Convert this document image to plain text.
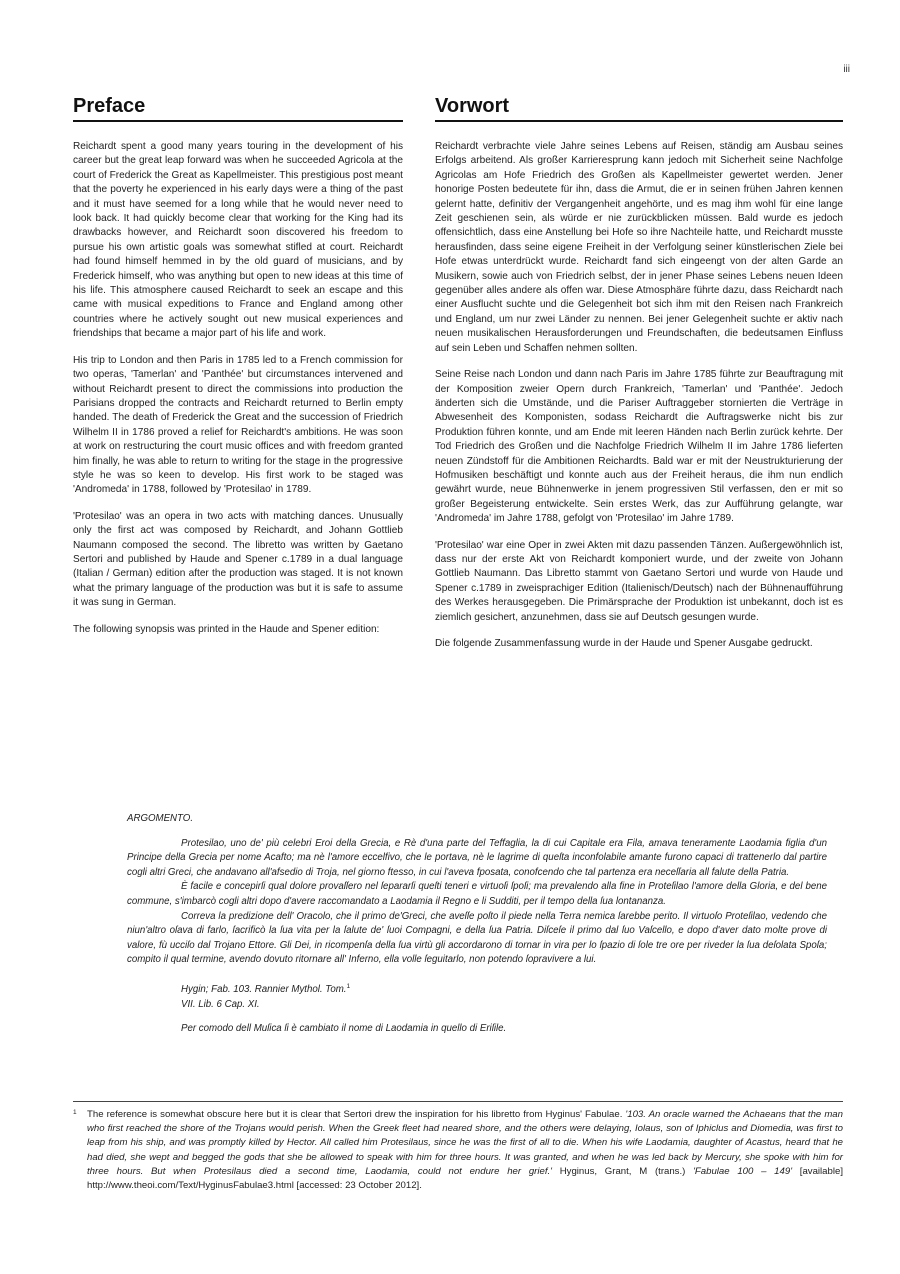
iii
Preface

Reichardt spent a good many years touring in the development of his career but the great leap forward was when he succeeded Agricola at the court of Frederick the Great as Kapellmeister. This prestigious post meant that the poverty he experienced in his early days were a thing of the past and it must have seemed for a long while that he would never need to look back. It had quickly become clear that working for the King had its drawbacks however, and Reichardt soon discovered his freedom to pursue his own artistic goals was somewhat stifled at court. Reichardt had found himself hemmed in by the old guard of musicians, and by Frederick himself, who was anything but open to new ideas at this time of his life. This atmosphere caused Reichardt to seek an escape and this came with musical expeditions to France and England among other countries where he actively sought out new musical experiences and friendships that became a major part of his life and work.

His trip to London and then Paris in 1785 led to a French commission for two operas, 'Tamerlan' and 'Panthée' but circumstances intervened and without Reichardt present to direct the commissions into production the Parisians dropped the contracts and Reichardt returned to Berlin empty handed. The death of Frederick the Great and the succession of Friedrich Wilhelm II in 1786 proved a relief for Reichardt's ambitions. He was soon at work on restructuring the court music offices and with freedom granted him finally, he was able to return to writing for the stage in the progressive style he was so keen to develop. His first work to be staged was 'Andromeda' in 1788, followed by 'Protesilao' in 1789.

'Protesilao' was an opera in two acts with matching dances. Unusually only the first act was composed by Reichardt, and Johann Gottlieb Naumann composed the second. The libretto was written by Gaetano Sertori and published by Haude and Spener c.1789 in a dual language (Italian / German) edition after the production was staged. It is not known what the primary language of the production was but it is safe to assume it was sung in German.

The following synopsis was printed in the Haude and Spener edition:

Vorwort

Reichardt verbrachte viele Jahre seines Lebens auf Reisen, ständig am Ausbau seines Erfolgs arbeitend. Als großer Karrieresprung kann jedoch mit Sicherheit seine Nachfolge Agricolas am Hofe Friedrich des Großen als Kapellmeister gewertet werden. Jener honorige Posten bedeutete für ihn, dass die Armut, die er in seinen frühen Jahren kennen gelernt hatte, definitiv der Vergangenheit angehörte, und es mag ihm wohl für eine lange Zeit geschienen sein, als würde er nie zurückblicken müssen. Bald wurde es jedoch offensichtlich, dass eine Anstellung bei Hofe so ihre Nachteile hatte, und Reichardt musste herausfinden, dass seine eigene Freiheit in der Verfolgung seiner künstlerischen Ziele bei Hofe etwas unterdrückt wurde. Reichardt fand sich eingeengt von der alten Garde an Musikern, sowie auch von Friedrich selbst, der in jener Phase seines Lebens neuen Ideen gegenüber alles andere als offen war. Diese Atmosphäre führte dazu, dass Reichardt nach einer Ausflucht suchte und die Gelegenheit bot sich ihm mit den Reisen nach Frankreich und England, um nur zwei Länder zu nennen. Bei jener Gelegenheit suchte er aktiv nach neuen musikalischen Herausforderungen und Freundschaften, die bedeutsamen Einfluss auf sein Leben und Schaffen nehmen sollten.

Seine Reise nach London und dann nach Paris im Jahre 1785 führte zur Beauftragung mit der Komposition zweier Opern durch Frankreich, 'Tamerlan' und 'Panthée'. Jedoch änderten sich die Umstände, und die Pariser Auftraggeber stornierten die Verträge in Abwesenheit des Komponisten, sodass Reichardt die Auftragswerke nicht bis zur Produktion führen konnte, und am Ende mit leeren Händen nach Berlin zurück kehrte. Der Tod Friedrich des Großen und die Nachfolge Friedrich Wilhelm II im Jahre 1786 lieferten neuen Zündstoff für die Ambitionen Reichardts. Bald war er mit der Neustrukturierung der Hofmusiken beschäftigt und konnte auch aus der Freiheit heraus, die ihm nun endlich gewährt wurde, neue Bühnenwerke in jenem progressiven Stil verfassen, den er mit so großer Begeisterung entwickelte. Sein erstes Werk, das zur Aufführung gelangte, war 'Andromeda' im Jahre 1788, gefolgt von 'Protesilao' im Jahre 1789.

'Protesilao' war eine Oper in zwei Akten mit dazu passenden Tänzen. Außergewöhnlich ist, dass nur der erste Akt von Reichardt komponiert wurde, und der zweite von Johann Gottlieb Naumann. Das Libretto stammt von Gaetano Sertori und wurde von Haude und Spener c.1789 in zweisprachiger Edition (Italienisch/Deutsch) nach der Bühnenaufführung des Werkes herausgegeben. Die Primärsprache der Produktion ist unbekannt, doch ist es ziemlich gesichert, anzunehmen, dass sie auf Deutsch gesungen wurde.

Die folgende Zusammenfassung wurde in der Haude und Spener Ausgabe gedruckt.

ARGOMENTO.

Protesilao, uno de' più celebri Eroi della Grecia, e Rè d'una parte del Teffaglia, la di cui Capitale era Fila, amava teneramente Laodamia figlia d'un Principe della Grecia per nome Acafto; ma nè l'amore eccelfivo, che le portava, nè le lagrime di queſta inconfolabile amante furono capaci di trattenerlo dal partire cogli altri Greci, che andavano all'afsedio di Troja, nel giorno ftesso, in cui l'aveva fposata, conofcendo che tal partenza era neceſſaria all falute della Patria.

È facile e concepirſi qual dolore provaſſero nel ſepararſi queſti teneri e virtuoſi ſpoſi; ma prevalendo alla fine in Proteſilao l'amore della Gloria, e del bene commune, s'imbarcò cogli altri dopo d'avere raccomandato a Laodamia il Regno e li Sudditi, per il tempo della ſua lontananza.

Correva la predizione dell' Oracolo, che il primo de'Greci, che aveſſe poſto il piede nella Terra nemica ſarebbe perito. Il virtuoſo Proteſilao, vedendo che niun'altro oſava di farlo, ſacrificò la ſua vita per la ſalute de' ſuoi Compagni, e della ſua Patria. Diſceſe il primo dal ſuo Vaſcello, e dopo d'aver dato molte prove di valore, fù ucciſo dal Trojano Ettore. Gli Dei, in ricompenſa della ſua virtù gli accordarono di tornar in vira per lo ſpazio di ſole tre ore per riveder la ſua deſolata Spoſa; compito il qual termine, avendo dovuto ritornare all' Inferno, ella volle ſeguitarlo, non potendo ſopravivere a lui.

Hygin; Fab. 103. Rannier Mythol. Tom.$^1$
VII. Lib. 6 Cap. XI.
Per comodo dell Muſica ſi è cambiato il nome di Laodamia in quello di Eriſile.
1 The reference is somewhat obscure here but it is clear that Sertori drew the inspiration for his libretto from Hyginus' Fabulae. '103. An oracle warned the Achaeans that the man who first reached the shore of the Trojans would perish. When the Greek fleet had neared shore, and the others were delaying, Iolaus, son of Iphiclus and Diomedia, was first to leap from his ship, and was promptly killed by Hector. All called him Protesilaus, since he was the first of all to die. When his wife Laodamia, daughter of Acastus, heard that he had died, she wept and begged the gods that she be allowed to speak with him for three hours. It was granted, and when he was led back by Mercury, she spoke with him for three hours. But when Protesilaus died a second time, Laodamia, could not endure her grief.' Hyginus, Grant, M (trans.) 'Fabulae 100 – 149' [available] http://www.theoi.com/Text/HyginusFabulae3.html [accessed: 23 October 2012].
